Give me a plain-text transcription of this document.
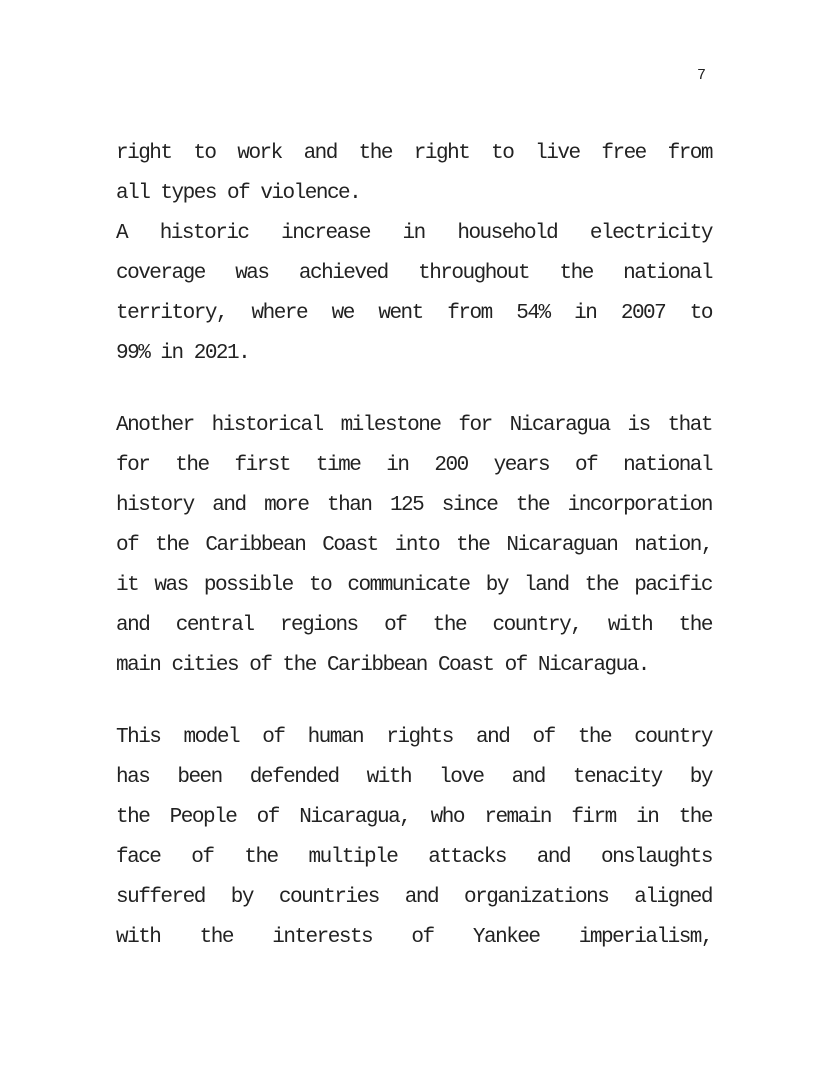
7

right to work and the right to live free from
all types of violence.

A historic increase in household electricity
coverage was achieved throughout the national
territory, where we went from 54% in 2007 to
99% in 2021.

Another historical milestone for Nicaragua is that
for the first time in 200 years of national
history and more than 125 since the incorporation
of the Caribbean Coast into the Nicaraguan nation,
it was possible to communicate by land the pacific
and central regions of the country, with the
main cities of the Caribbean Coast of Nicaragua.

This model of human rights and of the country
has been defended with love and tenacity by
the People of Nicaragua, who remain firm in the
face of the multiple attacks and onslaughts
suffered by countries and organizations aligned
with the interests of Yankee imperialism,
